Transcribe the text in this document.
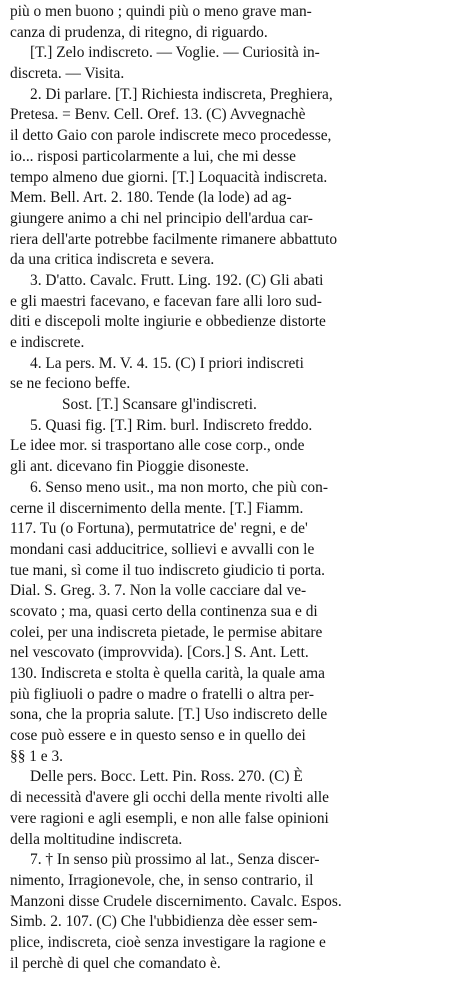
più o men buono ; quindi più o meno grave man-
canza di prudenza, di ritegno, di riguardo.
[T.] Zelo indiscreto. — Voglie. — Curiosità in-
discreta. — Visita.
2. Di parlare. [T.] Richiesta indiscreta, Preghiera,
Pretesa. = Benv. Cell. Oref. 13. (C) Avvegnachè
il detto Gaio con parole indiscrete meco procedesse,
io... risposi particolarmente a lui, che mi desse
tempo almeno due giorni. [T.] Loquacità indiscreta.
Mem. Bell. Art. 2. 180. Tende (la lode) ad ag-
giungere animo a chi nel principio dell'ardua car-
riera dell'arte potrebbe facilmente rimanere abbattuto
da una critica indiscreta e severa.
3. D'atto. Cavalc. Frutt. Ling. 192. (C) Gli abati
e gli maestri facevano, e facevan fare alli loro sud-
diti e discepoli molte ingiurie e obbedienze distorte
e indiscrete.
4. La pers. M. V. 4. 15. (C) I priori indiscreti
se ne feciono beffe.
Sost. [T.] Scansare gl'indiscreti.
5. Quasi fig. [T.] Rim. burl. Indiscreto freddo.
Le idee mor. si trasportano alle cose corp., onde
gli ant. dicevano fin Pioggie disoneste.
6. Senso meno usit., ma non morto, che più con-
cerne il discernimento della mente. [T.] Fiamm.
117. Tu (o Fortuna), permutatrice de' regni, e de'
mondani casi adducitrice, sollievi e avvalli con le
tue mani, sì come il tuo indiscreto giudicio ti porta.
Dial. S. Greg. 3. 7. Non la volle cacciare dal ve-
scovato ; ma, quasi certo della continenza sua e di
colei, per una indiscreta pietade, le permise abitare
nel vescovato (improvvida). [Cors.] S. Ant. Lett.
130. Indiscreta e stolta è quella carità, la quale ama
più figliuoli o padre o madre o fratelli o altra per-
sona, che la propria salute. [T.] Uso indiscreto delle
cose può essere e in questo senso e in quello dei
§§ 1 e 3.
Delle pers. Bocc. Lett. Pin. Ross. 270. (C) È
di necessità d'avere gli occhi della mente rivolti alle
vere ragioni e agli esempli, e non alle false opinioni
della moltitudine indiscreta.
7. † In senso più prossimo al lat., Senza discer-
nimento, Irragionevole, che, in senso contrario, il
Manzoni disse Crudele discernimento. Cavalc. Espos.
Simb. 2. 107. (C) Che l'ubbidienza dèe esser sem-
plice, indiscreta, cioè senza investigare la ragione e
il perchè di quel che comandato è.
